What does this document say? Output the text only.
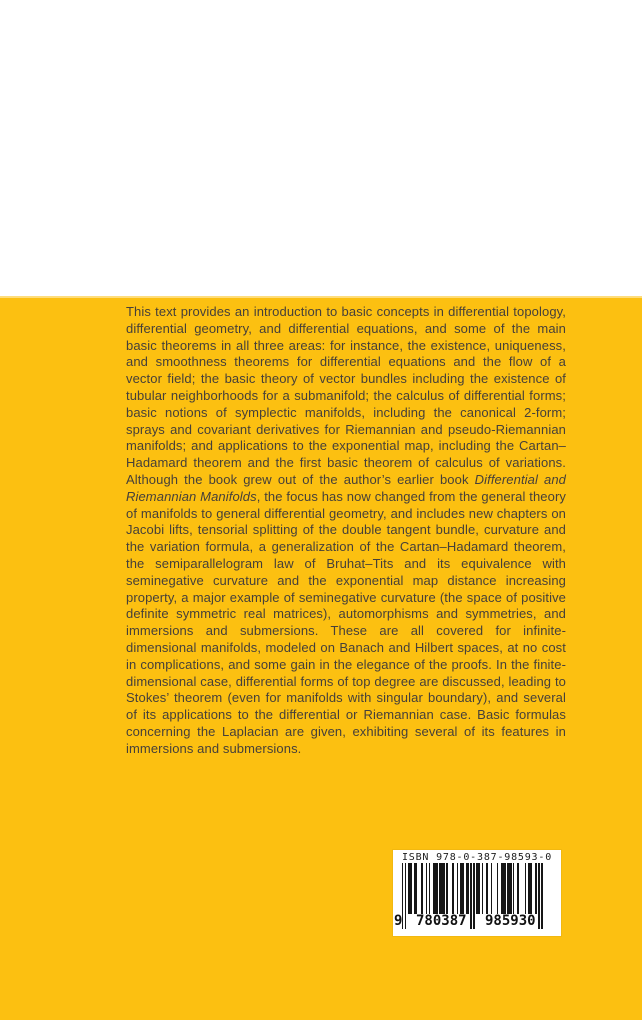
This text provides an introduction to basic concepts in differential topology, differential geometry, and differential equations, and some of the main basic theorems in all three areas: for instance, the existence, uniqueness, and smoothness theorems for differential equations and the flow of a vector field; the basic theory of vector bundles including the existence of tubular neighborhoods for a submanifold; the calculus of differential forms; basic notions of symplectic manifolds, including the canonical 2-form; sprays and covariant derivatives for Riemannian and pseudo-Riemannian manifolds; and applications to the exponential map, including the Cartan–Hadamard theorem and the first basic theorem of calculus of variations. Although the book grew out of the author’s earlier book Differential and Riemannian Manifolds, the focus has now changed from the general theory of manifolds to general differential geometry, and includes new chapters on Jacobi lifts, tensorial splitting of the double tangent bundle, curvature and the variation formula, a generalization of the Cartan–Hadamard theorem, the semiparallelogram law of Bruhat–Tits and its equivalence with seminegative curvature and the exponential map distance increasing property, a major example of seminegative curvature (the space of positive definite symmetric real matrices), automorphisms and symmetries, and immersions and submersions. These are all covered for infinite-dimensional manifolds, modeled on Banach and Hilbert spaces, at no cost in complications, and some gain in the elegance of the proofs. In the finite-dimensional case, differential forms of top degree are discussed, leading to Stokes’ theorem (even for manifolds with singular boundary), and several of its applications to the differential or Riemannian case. Basic formulas concerning the Laplacian are given, exhibiting several of its features in immersions and submersions.
ISBN 978-0-387-98593-0
9 780387 985930
